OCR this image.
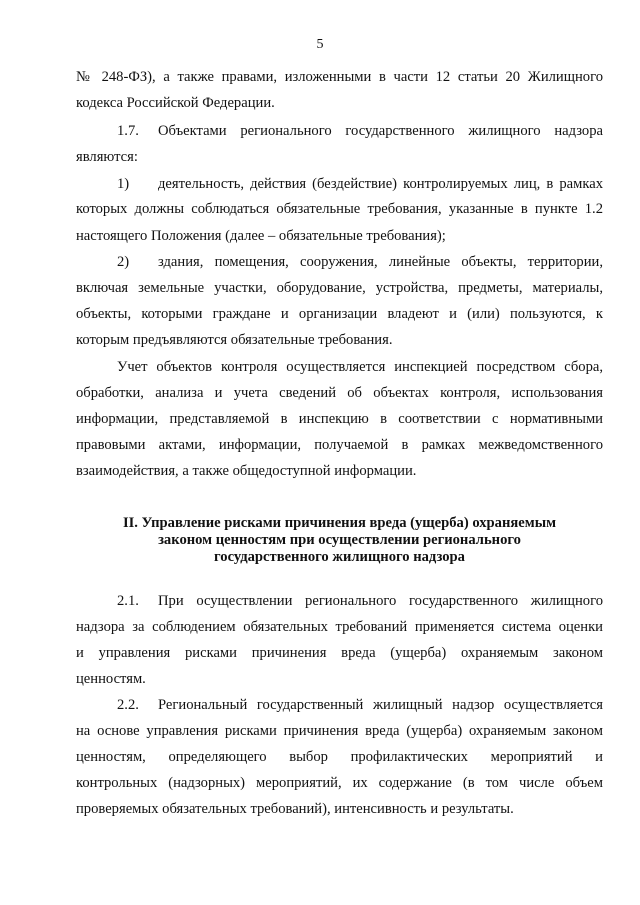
5
№ 248-ФЗ), а также правами, изложенными в части 12 статьи 20 Жилищного
кодекса Российской Федерации.
1.7. Объектами регионального государственного жилищного надзора
являются:
1) деятельность, действия (бездействие) контролируемых лиц, в рамках
которых должны соблюдаться обязательные требования, указанные в пункте 1.2
настоящего Положения (далее – обязательные требования);
2) здания, помещения, сооружения, линейные объекты, территории,
включая земельные участки, оборудование, устройства, предметы, материалы,
объекты, которыми граждане и организации владеют и (или) пользуются, к
которым предъявляются обязательные требования.
Учет объектов контроля осуществляется инспекцией посредством сбора,
обработки, анализа и учета сведений об объектах контроля, использования
информации, представляемой в инспекцию в соответствии с нормативными
правовыми актами, информации, получаемой в рамках межведомственного
взаимодействия, а также общедоступной информации.
II. Управление рисками причинения вреда (ущерба) охраняемым
законом ценностям при осуществлении регионального
государственного жилищного надзора
2.1. При осуществлении регионального государственного жилищного
надзора за соблюдением обязательных требований применяется система оценки
и управления рисками причинения вреда (ущерба) охраняемым законом
ценностям.
2.2. Региональный государственный жилищный надзор осуществляется
на основе управления рисками причинения вреда (ущерба) охраняемым законом
ценностям, определяющего выбор профилактических мероприятий и
контрольных (надзорных) мероприятий, их содержание (в том числе объем
проверяемых обязательных требований), интенсивность и результаты.
